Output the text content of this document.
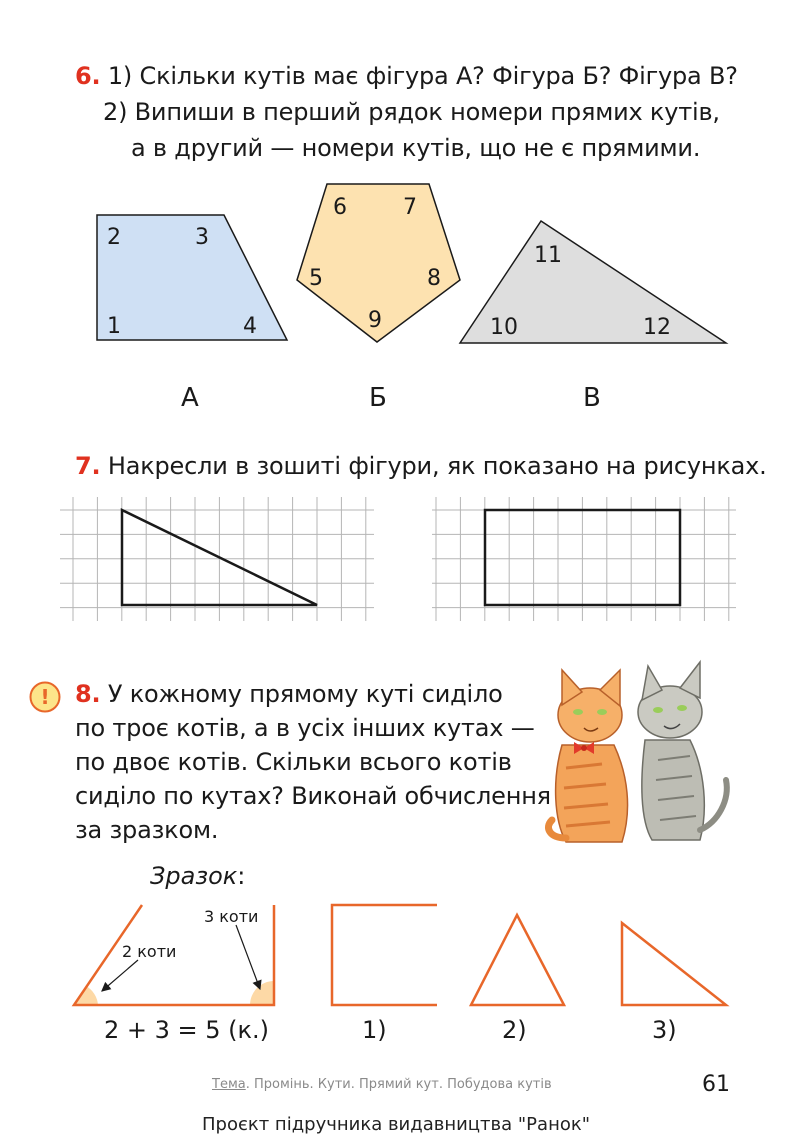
6. 1) Скільки кутів має фігура А? Фігура Б? Фігура В?
2) Випиши в перший рядок номери прямих кутів,
а в другий — номери кутів, що не є прямими.
2	3
1	4
6	7
5	8
9
11
10	12
А	Б	В
7. Накресли в зошиті фігури, як показано на рисунках.
! 8. У кожному прямому куті сиділо
по троє котів, а в усіх інших кутах —
по двоє котів. Скільки всього котів
сиділо по кутах? Виконай обчислення
за зразком.
Зразок:
2 коти
3 коти
2 + 3 = 5 (к.)	1)	2)	3)
Тема. Промінь. Кути. Прямий кут. Побудова кутів	61
Проєкт підручника видавництва "Ранок"
